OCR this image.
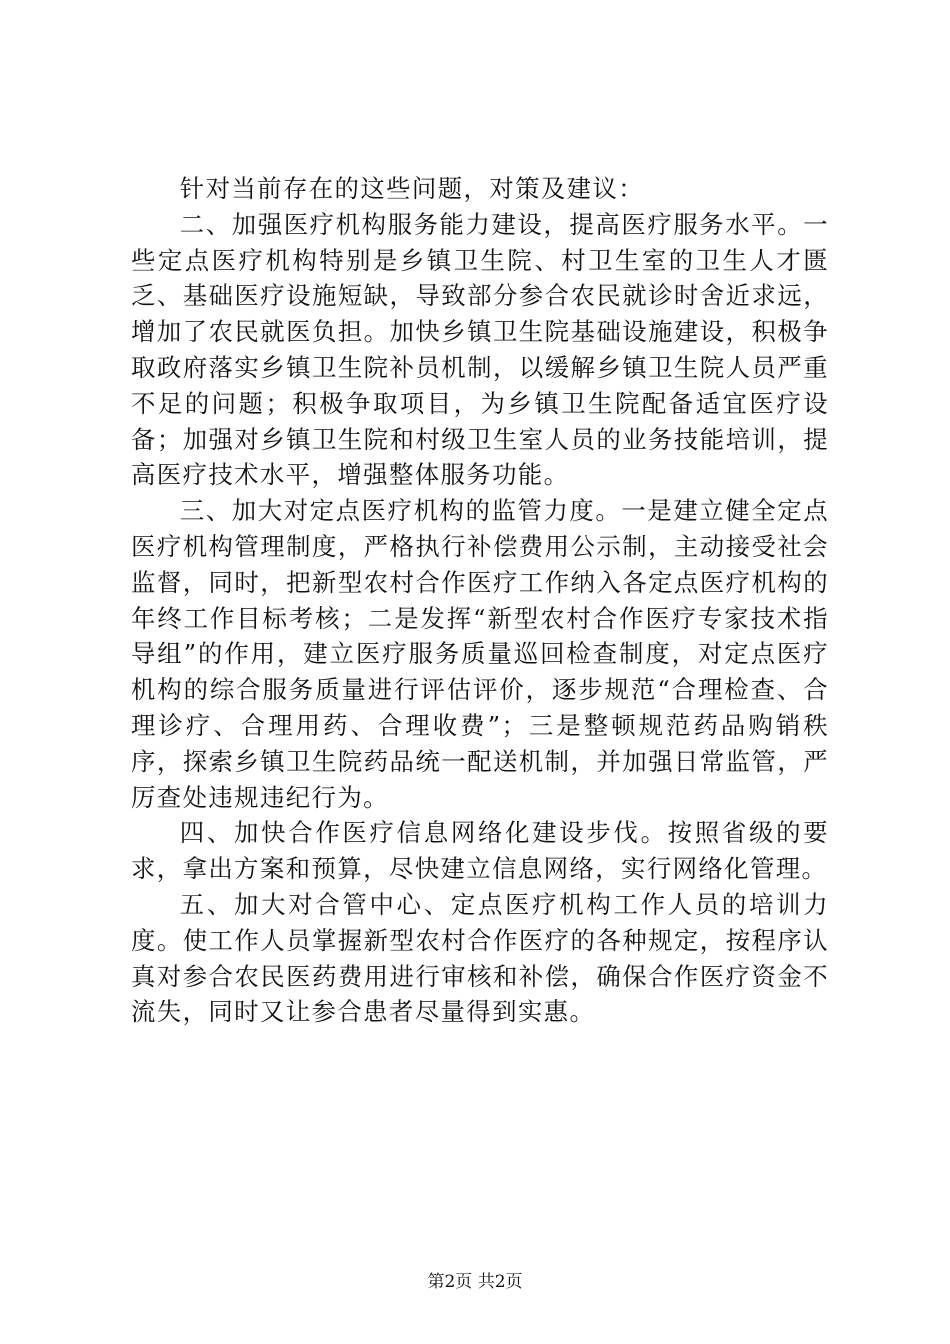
针对当前存在的这些问题，对策及建议：

二、加强医疗机构服务能力建设，提高医疗服务水平。一些定点医疗机构特别是乡镇卫生院、村卫生室的卫生人才匮乏、基础医疗设施短缺，导致部分参合农民就诊时舍近求远，增加了农民就医负担。加快乡镇卫生院基础设施建设，积极争取政府落实乡镇卫生院补员机制，以缓解乡镇卫生院人员严重不足的问题；积极争取项目，为乡镇卫生院配备适宜医疗设备；加强对乡镇卫生院和村级卫生室人员的业务技能培训，提高医疗技术水平，增强整体服务功能。

三、加大对定点医疗机构的监管力度。一是建立健全定点医疗机构管理制度，严格执行补偿费用公示制，主动接受社会监督，同时，把新型农村合作医疗工作纳入各定点医疗机构的年终工作目标考核；二是发挥“新型农村合作医疗专家技术指导组”的作用，建立医疗服务质量巡回检查制度，对定点医疗机构的综合服务质量进行评估评价，逐步规范“合理检查、合理诊疗、合理用药、合理收费”；三是整顿规范药品购销秩序，探索乡镇卫生院药品统一配送机制，并加强日常监管，严厉查处违规违纪行为。

四、加快合作医疗信息网络化建设步伐。按照省级的要求，拿出方案和预算，尽快建立信息网络，实行网络化管理。

五、加大对合管中心、定点医疗机构工作人员的培训力度。使工作人员掌握新型农村合作医疗的各种规定，按程序认真对参合农民医药费用进行审核和补偿，确保合作医疗资金不流失，同时又让参合患者尽量得到实惠。

第2页 共2页
